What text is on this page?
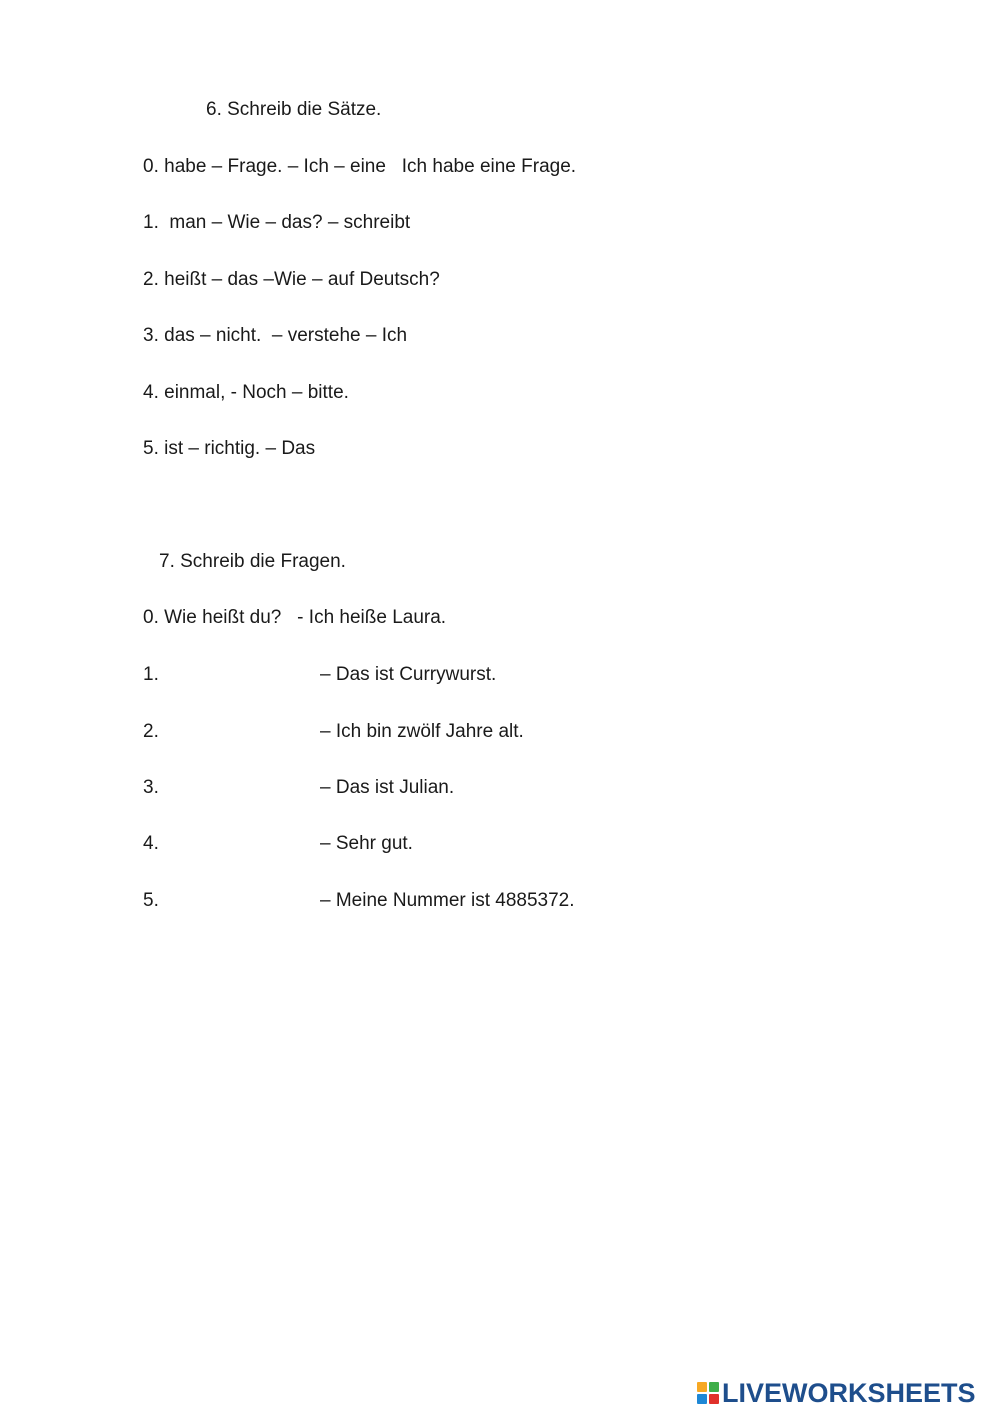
6. Schreib die Sätze.
0. habe – Frage. – Ich – eine   Ich habe eine Frage.
1.  man – Wie – das? – schreibt
2. heißt – das –Wie – auf Deutsch?
3. das – nicht.  – verstehe – Ich
4. einmal, - Noch – bitte.
5. ist – richtig. – Das
7. Schreib die Fragen.
0. Wie heißt du?   - Ich heiße Laura.
1.	– Das ist Currywurst.
2.	– Ich bin zwölf Jahre alt.
3.	– Das ist Julian.
4.	– Sehr gut.
5.	– Meine Nummer ist 4885372.
LIVEWORKSHEETS
